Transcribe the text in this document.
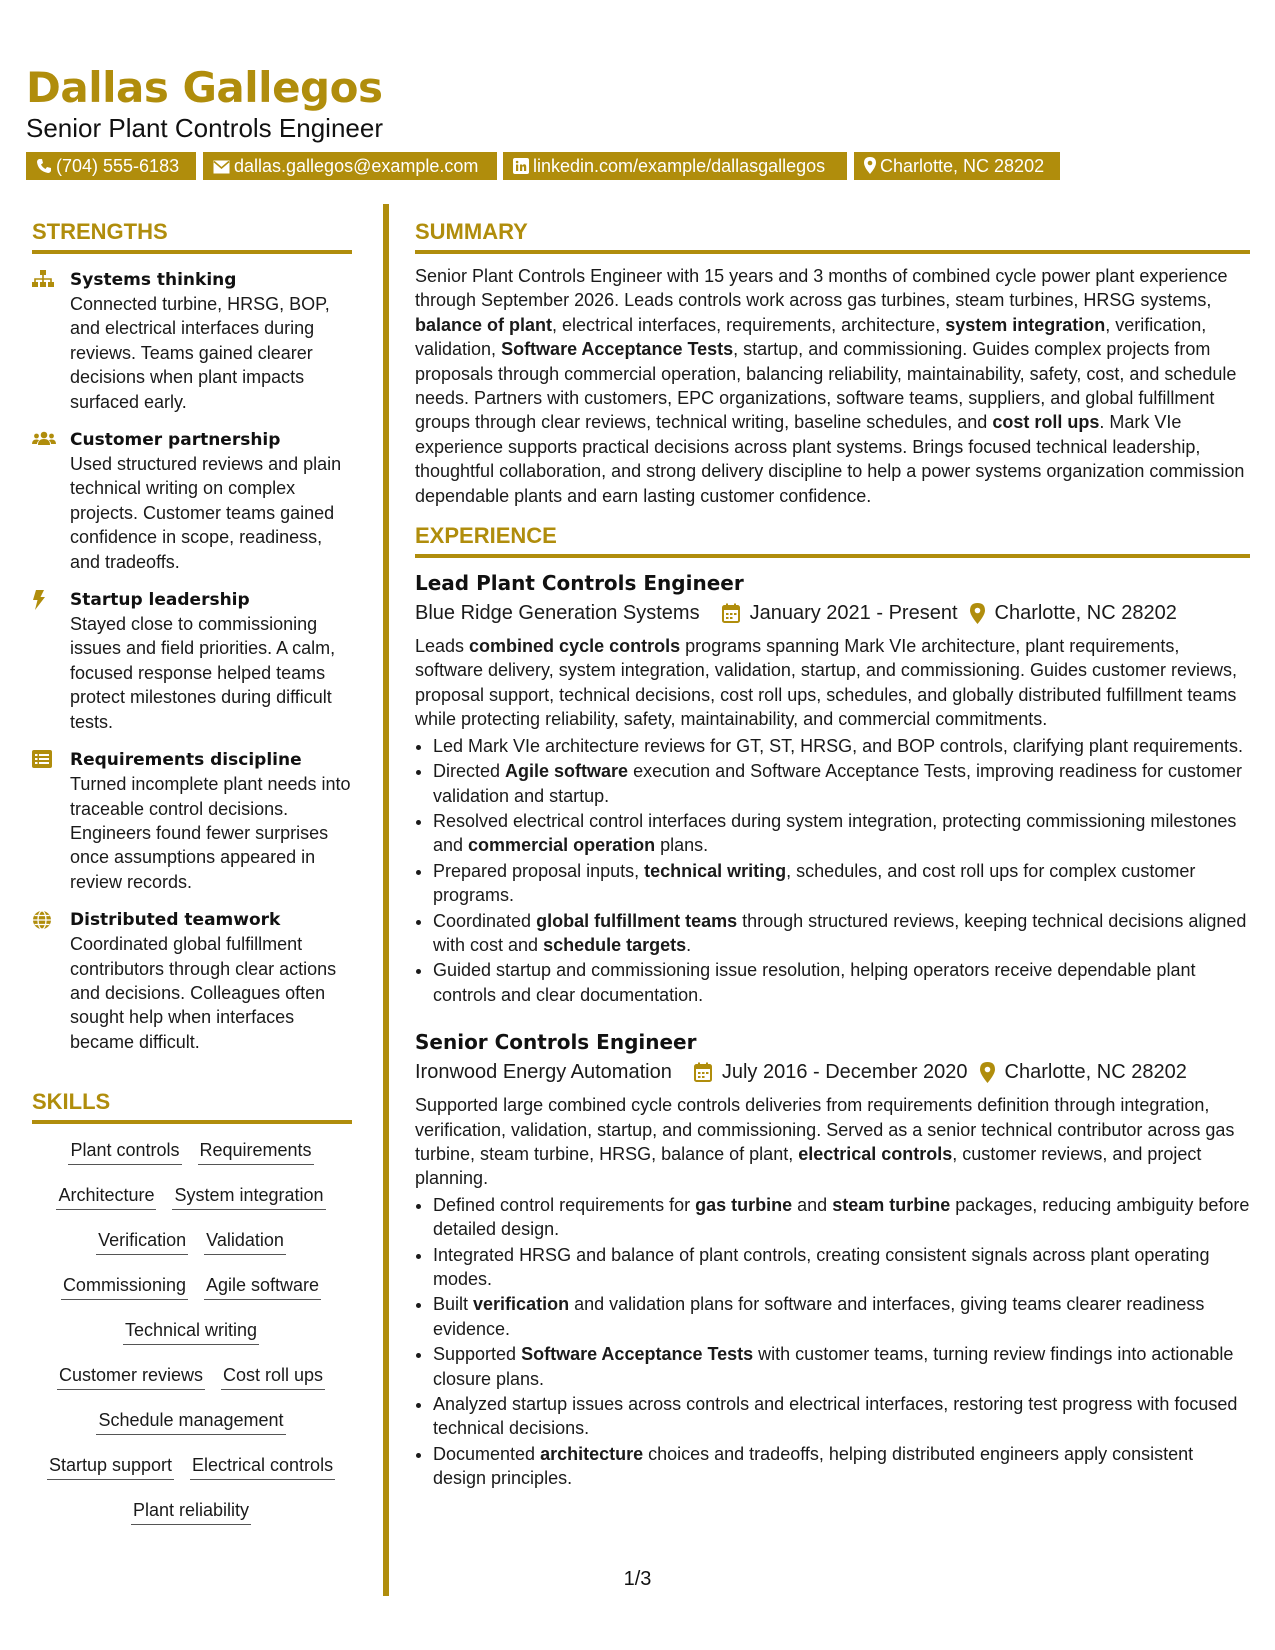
Dallas Gallegos
Senior Plant Controls Engineer
(704) 555-6183	dallas.gallegos@example.com	linkedin.com/example/dallasgallegos	Charlotte, NC 28202
STRENGTHS
Systems thinking

Connected turbine, HRSG, BOP, and electrical interfaces during reviews. Teams gained clearer decisions when plant impacts surfaced early.

Customer partnership

Used structured reviews and plain technical writing on complex projects. Customer teams gained confidence in scope, readiness, and tradeoffs.

Startup leadership

Stayed close to commissioning issues and field priorities. A calm, focused response helped teams protect milestones during difficult tests.

Requirements discipline

Turned incomplete plant needs into traceable control decisions. Engineers found fewer surprises once assumptions appeared in review records.

Distributed teamwork

Coordinated global fulfillment contributors through clear actions and decisions. Colleagues often sought help when interfaces became difficult.

SKILLS
Plant controls Requirements
Architecture System integration
Verification Validation
Commissioning Agile software
Technical writing
Customer reviews Cost roll ups
Schedule management
Startup support Electrical controls
Plant reliability
SUMMARY

Senior Plant Controls Engineer with 15 years and 3 months of combined cycle power plant experience through September 2026. Leads controls work across gas turbines, steam turbines, HRSG systems, balance of plant, electrical interfaces, requirements, architecture, system integration, verification, validation, Software Acceptance Tests, startup, and commissioning. Guides complex projects from proposals through commercial operation, balancing reliability, maintainability, safety, cost, and schedule needs. Partners with customers, EPC organizations, software teams, suppliers, and global fulfillment groups through clear reviews, technical writing, baseline schedules, and cost roll ups. Mark VIe experience supports practical decisions across plant systems. Brings focused technical leadership, thoughtful collaboration, and strong delivery discipline to help a power systems organization commission dependable plants and earn lasting customer confidence.

EXPERIENCE
Lead Plant Controls Engineer
Blue Ridge Generation Systems	January 2021 - Present Charlotte, NC 28202

Leads combined cycle controls programs spanning Mark VIe architecture, plant requirements, software delivery, system integration, validation, startup, and commissioning. Guides customer reviews, proposal support, technical decisions, cost roll ups, schedules, and globally distributed fulfillment teams while protecting reliability, safety, maintainability, and commercial commitments.

• Led Mark VIe architecture reviews for GT, ST, HRSG, and BOP controls, clarifying plant requirements.
• Directed Agile software execution and Software Acceptance Tests, improving readiness for customer validation and startup.
• Resolved electrical control interfaces during system integration, protecting commissioning milestones and commercial operation plans.
• Prepared proposal inputs, technical writing, schedules, and cost roll ups for complex customer programs.
• Coordinated global fulfillment teams through structured reviews, keeping technical decisions aligned with cost and schedule targets.
• Guided startup and commissioning issue resolution, helping operators receive dependable plant controls and clear documentation.
Senior Controls Engineer
Ironwood Energy Automation	July 2016 - December 2020 Charlotte, NC 28202

Supported large combined cycle controls deliveries from requirements definition through integration, verification, validation, startup, and commissioning. Served as a senior technical contributor across gas turbine, steam turbine, HRSG, balance of plant, electrical controls, customer reviews, and project planning.

• Defined control requirements for gas turbine and steam turbine packages, reducing ambiguity before detailed design.
• Integrated HRSG and balance of plant controls, creating consistent signals across plant operating modes.
• Built verification and validation plans for software and interfaces, giving teams clearer readiness evidence.
• Supported Software Acceptance Tests with customer teams, turning review findings into actionable closure plans.
• Analyzed startup issues across controls and electrical interfaces, restoring test progress with focused technical decisions.
• Documented architecture choices and tradeoffs, helping distributed engineers apply consistent design principles.
1/3
